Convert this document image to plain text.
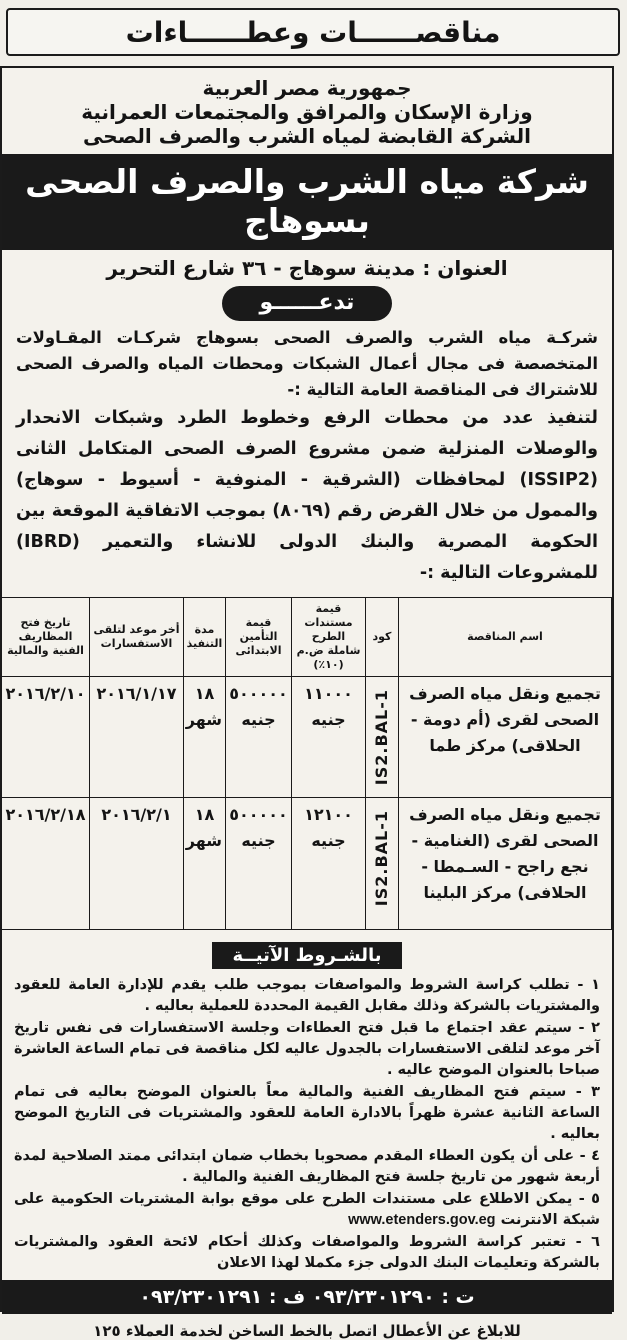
مناقصــــــات وعطــــــاءات
جمهورية مصر العربية
وزارة الإسكان والمرافق والمجتمعات العمرانية
الشركة القابضة لمياه الشرب والصرف الصحى
شركة مياه الشرب والصرف الصحى بسوهاج
العنوان : مدينة سوهاج - ٣٦ شارع التحرير
تدعــــــو
شركـة مياه الشرب والصرف الصحى بسوهاج شركـات المقـاولات المتخصصة فى مجال أعمال الشبكات ومحطات المياه والصرف الصحى للاشتراك فى المناقصة العامة التالية :-
لتنفيذ عدد من محطات الرفع وخطوط الطرد وشبكات الانحدار والوصلات المنزلية ضمن مشروع الصرف الصحى المتكامل الثانى (ISSIP2) لمحافظات (الشرقية - المنوفية - أسيوط - سوهاج) والممول من خلال القرض رقم (٨٠٦٩) بموجب الاتفاقية الموقعة بين الحكومة المصرية والبنك الدولى للانشاء والتعمير (IBRD) للمشروعات التالية :-
اسم المناقصة	كود	قيمة مستندات الطرح شاملة ض.م (١٠٪)	قيمة التأمين الابتدائى	مدة التنفيذ	أخر موعد لتلقى الاستفسارات	تاريخ فتح المظاريف الفنية والمالية
تجميع ونقل مياه الصرف الصحى لقرى (أم دومة - الحلاقى) مركز طما	IS2.BAL-1	١١٠٠٠ جنيه	٥٠٠٠٠٠ جنيه	١٨ شهر	٢٠١٦/١/١٧	٢٠١٦/٢/١٠
تجميع ونقل مياه الصرف الصحى لقرى (الغنامية - نجع راجح - السـمطا - الحلافى) مركز البلينا	IS2.BAL-1	١٢١٠٠ جنيه	٥٠٠٠٠٠ جنيه	١٨ شهر	٢٠١٦/٢/١	٢٠١٦/٢/١٨
بالشـروط الآتيــة
١ - تطلب كراسة الشروط والمواصفات بموجب طلب يقدم للإدارة العامة للعقود والمشتريات بالشركة وذلك مقابل القيمة المحددة للعملية بعاليه .
٢ - سيتم عقد اجتماع ما قبل فتح العطاءات وجلسة الاستفسارات فى نفس تاريخ آخر موعد لتلقى الاستفسارات بالجدول عاليه لكل مناقصة فى تمام الساعة العاشرة صباحا بالعنوان الموضح عاليه .
٣ - سيتم فتح المظاريف الفنية والمالية معاً بالعنوان الموضح بعاليه فى تمام الساعة الثانية عشرة ظهراً بالادارة العامة للعقود والمشتريات فى التاريخ الموضح بعاليه .
٤ - على أن يكون العطاء المقدم مصحوبا بخطاب ضمان ابتدائى ممتد الصلاحية لمدة أربعة شهور من تاريخ جلسة فتح المظاريف الفنية والمالية .
٥ - يمكن الاطلاع على مستندات الطرح على موقع بوابة المشتريات الحكومية على شبكة الانترنت www.etenders.gov.eg
٦ - تعتبر كراسة الشروط والمواصفات وكذلك أحكام لائحة العقود والمشتريات بالشركة وتعليمات البنك الدولى جزء مكملا لهذا الاعلان
ت : ٠٩٣/٢٣٠١٢٩٠ ف : ٠٩٣/٢٣٠١٢٩١
للابلاغ عن الأعطال اتصل بالخط الساخن لخدمة العملاء ١٢٥
